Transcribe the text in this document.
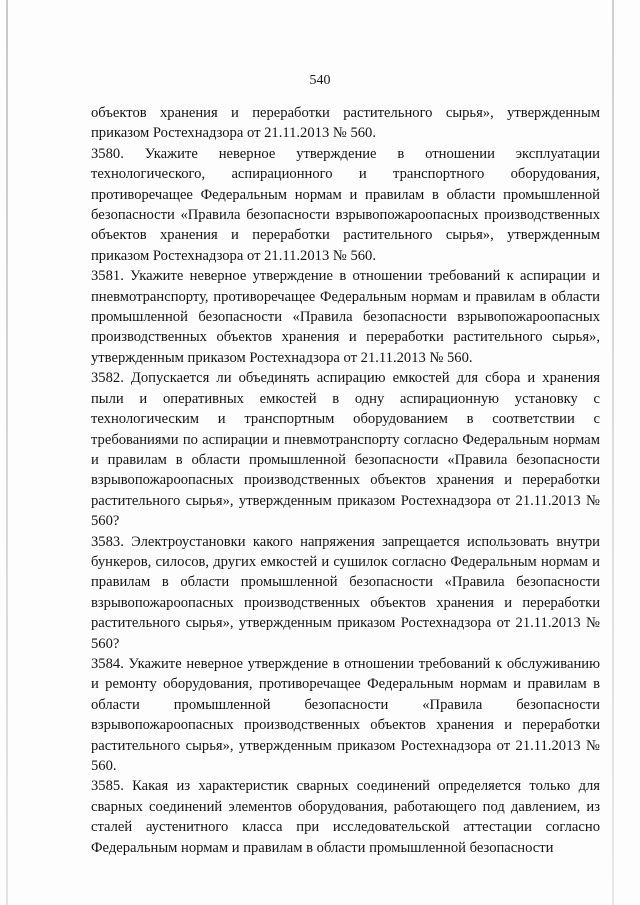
540

объектов хранения и переработки растительного сырья», утвержденным приказом Ростехнадзора от 21.11.2013 № 560.

3580. Укажите неверное утверждение в отношении эксплуатации технологического, аспирационного и транспортного оборудования, противоречащее Федеральным нормам и правилам в области промышленной безопасности «Правила безопасности взрывопожароопасных производственных объектов хранения и переработки растительного сырья», утвержденным приказом Ростехнадзора от 21.11.2013 № 560.

3581. Укажите неверное утверждение в отношении требований к аспирации и пневмотранспорту, противоречащее Федеральным нормам и правилам в области промышленной безопасности «Правила безопасности взрывопожароопасных производственных объектов хранения и переработки растительного сырья», утвержденным приказом Ростехнадзора от 21.11.2013 № 560.

3582. Допускается ли объединять аспирацию емкостей для сбора и хранения пыли и оперативных емкостей в одну аспирационную установку с технологическим и транспортным оборудованием в соответствии с требованиями по аспирации и пневмотранспорту согласно Федеральным нормам и правилам в области промышленной безопасности «Правила безопасности взрывопожароопасных производственных объектов хранения и переработки растительного сырья», утвержденным приказом Ростехнадзора от 21.11.2013 № 560?

3583. Электроустановки какого напряжения запрещается использовать внутри бункеров, силосов, других емкостей и сушилок согласно Федеральным нормам и правилам в области промышленной безопасности «Правила безопасности взрывопожароопасных производственных объектов хранения и переработки растительного сырья», утвержденным приказом Ростехнадзора от 21.11.2013 № 560?

3584. Укажите неверное утверждение в отношении требований к обслуживанию и ремонту оборудования, противоречащее Федеральным нормам и правилам в области промышленной безопасности «Правила безопасности взрывопожароопасных производственных объектов хранения и переработки растительного сырья», утвержденным приказом Ростехнадзора от 21.11.2013 № 560.

3585. Какая из характеристик сварных соединений определяется только для сварных соединений элементов оборудования, работающего под давлением, из сталей аустенитного класса при исследовательской аттестации согласно Федеральным нормам и правилам в области промышленной безопасности
